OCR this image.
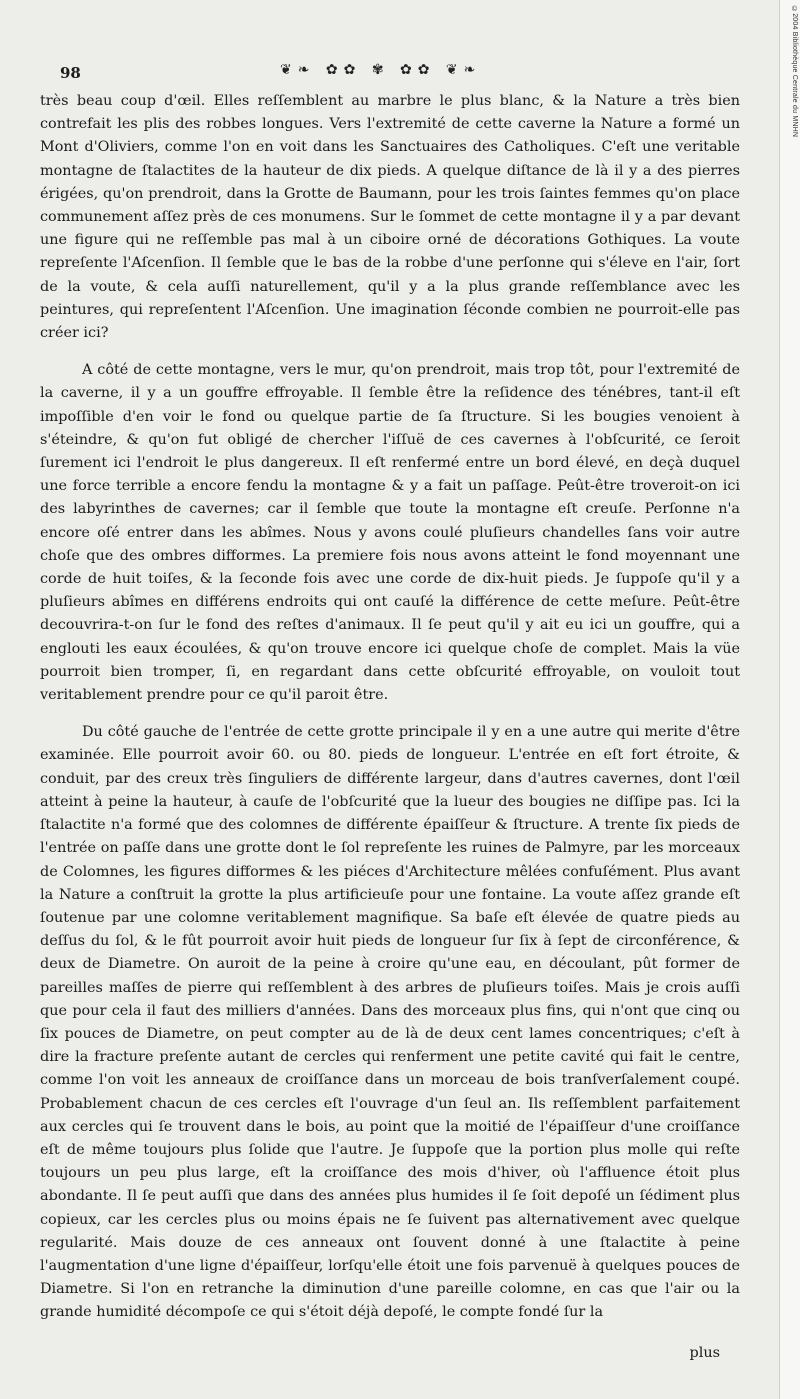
98	❦❧ ✿✿ ✾ ✿✿ ❦❧

très beau coup d'œil. Elles reſſemblent au marbre le plus blanc, & la Nature a très bien contrefait les plis des robbes longues. Vers l'extremité de cette caverne la Nature a formé un Mont d'Oliviers, comme l'on en voit dans les Sanctuaires des Catholiques. C'eſt une veritable montagne de ſtalactites de la hauteur de dix pieds. A quelque diſtance de là il y a des pierres érigées, qu'on prendroit, dans la Grotte de Baumann, pour les trois ſaintes femmes qu'on place communement aſſez près de ces monumens. Sur le ſommet de cette montagne il y a par devant une figure qui ne reſſemble pas mal à un ciboire orné de décorations Gothiques. La voute repreſente l'Aſcenſion. Il ſemble que le bas de la robbe d'une perſonne qui s'éleve en l'air, ſort de la voute, & cela auſſi naturellement, qu'il y a la plus grande reſſemblance avec les peintures, qui repreſentent l'Aſcenſion. Une imagination ſéconde combien ne pourroit-elle pas créer ici?

A côté de cette montagne, vers le mur, qu'on prendroit, mais trop tôt, pour l'extremité de la caverne, il y a un gouffre effroyable. Il ſemble être la reſidence des ténébres, tant-il eſt impoſſible d'en voir le fond ou quelque partie de ſa ſtructure. Si les bougies venoient à s'éteindre, & qu'on fut obligé de chercher l'iſſuë de ces cavernes à l'obſcurité, ce ſeroit ſurement ici l'endroit le plus dangereux. Il eſt renfermé entre un bord élevé, en deçà duquel une force terrible a encore fendu la montagne & y a fait un paſſage. Peût-être troveroit-on ici des labyrinthes de cavernes; car il ſemble que toute la montagne eſt creuſe. Perſonne n'a encore oſé entrer dans les abîmes. Nous y avons coulé pluſieurs chandelles ſans voir autre choſe que des ombres difformes. La premiere fois nous avons atteint le fond moyennant une corde de huit toiſes, & la ſeconde fois avec une corde de dix-huit pieds. Je ſuppoſe qu'il y a pluſieurs abîmes en différens endroits qui ont cauſé la différence de cette meſure. Peût-être decouvrira-t-on ſur le fond des reſtes d'animaux. Il ſe peut qu'il y ait eu ici un gouffre, qui a englouti les eaux écoulées, & qu'on trouve encore ici quelque choſe de complet. Mais la vüe pourroit bien tromper, ſi, en regardant dans cette obſcurité effroyable, on vouloit tout veritablement prendre pour ce qu'il paroit être.

Du côté gauche de l'entrée de cette grotte principale il y en a une autre qui merite d'être examinée. Elle pourroit avoir 60. ou 80. pieds de longueur. L'entrée en eſt fort étroite, & conduit, par des creux très ſinguliers de différente largeur, dans d'autres cavernes, dont l'œil atteint à peine la hauteur, à cauſe de l'obſcurité que la lueur des bougies ne diſſipe pas. Ici la ſtalactite n'a formé que des colomnes de différente épaiſſeur & ſtructure. A trente ſix pieds de l'entrée on paſſe dans une grotte dont le ſol repreſente les ruines de Palmyre, par les morceaux de Colomnes, les figures difformes & les piéces d'Architecture mêlées confuſément. Plus avant la Nature a conſtruit la grotte la plus artificieuſe pour une fontaine. La voute aſſez grande eſt ſoutenue par une colomne veritablement magnifique. Sa baſe eſt élevée de quatre pieds au deſſus du ſol, & le fût pourroit avoir huit pieds de longueur ſur ſix à ſept de circonférence, & deux de Diametre. On auroit de la peine à croire qu'une eau, en découlant, pût former de pareilles maſſes de pierre qui reſſemblent à des arbres de pluſieurs toiſes. Mais je crois auſſi que pour cela il faut des milliers d'années. Dans des morceaux plus fins, qui n'ont que cinq ou ſix pouces de Diametre, on peut compter au de là de deux cent lames concentriques; c'eſt à dire la fracture preſente autant de cercles qui renferment une petite cavité qui fait le centre, comme l'on voit les anneaux de croiſſance dans un morceau de bois tranſverſalement coupé. Probablement chacun de ces cercles eſt l'ouvrage d'un ſeul an. Ils reſſemblent parfaitement aux cercles qui ſe trouvent dans le bois, au point que la moitié de l'épaiſſeur d'une croiſſance eſt de même toujours plus ſolide que l'autre. Je ſuppoſe que la portion plus molle qui reſte toujours un peu plus large, eſt la croiſſance des mois d'hiver, où l'affluence étoit plus abondante. Il ſe peut auſſi que dans des années plus humides il ſe ſoit depoſé un ſédiment plus copieux, car les cercles plus ou moins épais ne ſe ſuivent pas alternativement avec quelque regularité. Mais douze de ces anneaux ont ſouvent donné à une ſtalactite à peine l'augmentation d'une ligne d'épaiſſeur, lorſqu'elle étoit une fois parvenuë à quelques pouces de Diametre. Si l'on en retranche la diminution d'une pareille colomne, en cas que l'air ou la grande humidité décompoſe ce qui s'étoit déjà depoſé, le compte fondé ſur la

plus
©2004 Bibliothèque Centrale du MNHN
